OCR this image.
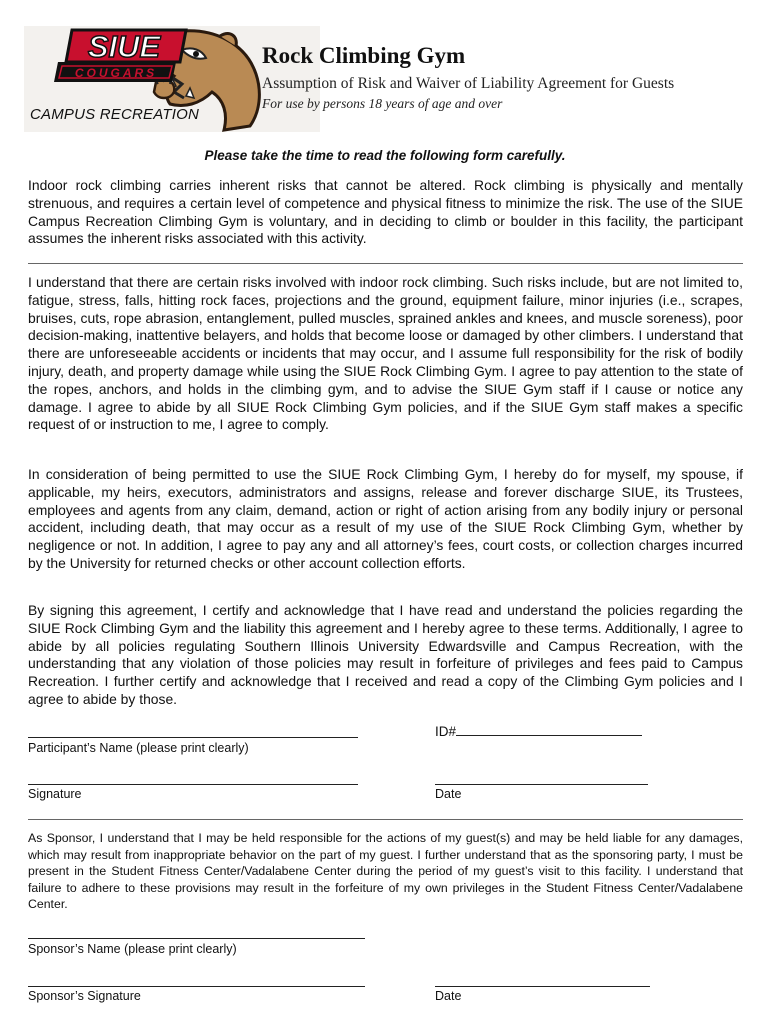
SIUE
COUGARS
CAMPUS RECREATION
Rock Climbing Gym
Assumption of Risk and Waiver of Liability Agreement for Guests
For use by persons 18 years of age and over
Please take the time to read the following form carefully.

Indoor rock climbing carries inherent risks that cannot be altered. Rock climbing is physically and mentally strenuous, and requires a certain level of competence and physical fitness to minimize the risk. The use of the SIUE Campus Recreation Climbing Gym is voluntary, and in deciding to climb or boulder in this facility, the participant assumes the inherent risks associated with this activity.

I understand that there are certain risks involved with indoor rock climbing. Such risks include, but are not limited to, fatigue, stress, falls, hitting rock faces, projections and the ground, equipment failure, minor injuries (i.e., scrapes, bruises, cuts, rope abrasion, entanglement, pulled muscles, sprained ankles and knees, and muscle soreness), poor decision-making, inattentive belayers, and holds that become loose or damaged by other climbers. I understand that there are unforeseeable accidents or incidents that may occur, and I assume full responsibility for the risk of bodily injury, death, and property damage while using the SIUE Rock Climbing Gym. I agree to pay attention to the state of the ropes, anchors, and holds in the climbing gym, and to advise the SIUE Gym staff if I cause or notice any damage. I agree to abide by all SIUE Rock Climbing Gym policies, and if the SIUE Gym staff makes a specific request of or instruction to me, I agree to comply.

In consideration of being permitted to use the SIUE Rock Climbing Gym, I hereby do for myself, my spouse, if applicable, my heirs, executors, administrators and assigns, release and forever discharge SIUE, its Trustees, employees and agents from any claim, demand, action or right of action arising from any bodily injury or personal accident, including death, that may occur as a result of my use of the SIUE Rock Climbing Gym, whether by negligence or not. In addition, I agree to pay any and all attorney’s fees, court costs, or collection charges incurred by the University for returned checks or other account collection efforts.

By signing this agreement, I certify and acknowledge that I have read and understand the policies regarding the SIUE Rock Climbing Gym and the liability this agreement and I hereby agree to these terms. Additionally, I agree to abide by all policies regulating Southern Illinois University Edwardsville and Campus Recreation, with the understanding that any violation of those policies may result in forfeiture of privileges and fees paid to Campus Recreation. I further certify and acknowledge that I received and read a copy of the Climbing Gym policies and I agree to abide by those.

ID#
Participant’s Name (please print clearly)
Signature	Date

As Sponsor, I understand that I may be held responsible for the actions of my guest(s) and may be held liable for any damages, which may result from inappropriate behavior on the part of my guest. I further understand that as the sponsoring party, I must be present in the Student Fitness Center/Vadalabene Center during the period of my guest’s visit to this facility. I understand that failure to adhere to these provisions may result in the forfeiture of my own privileges in the Student Fitness Center/Vadalabene Center.

Sponsor’s Name (please print clearly)
Sponsor’s Signature	Date
